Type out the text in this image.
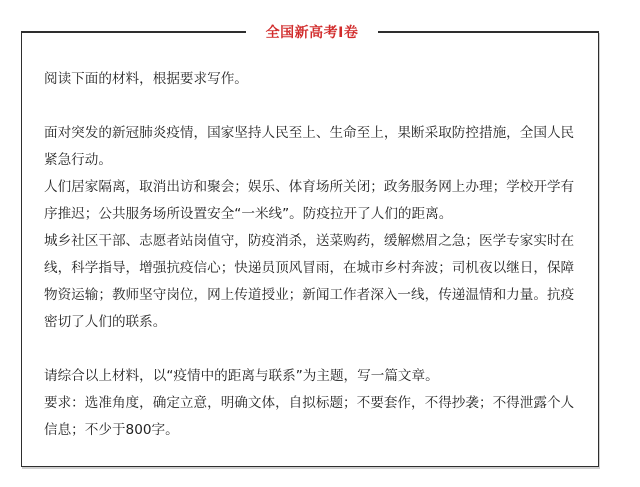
全国新高考Ⅰ卷

阅读下面的材料，根据要求写作。

面对突发的新冠肺炎疫情，国家坚持人民至上、生命至上，果断采取防控措施，全国人民紧急行动。

人们居家隔离，取消出访和聚会；娱乐、体育场所关闭；政务服务网上办理；学校开学有序推迟；公共服务场所设置安全“一米线”。防疫拉开了人们的距离。

城乡社区干部、志愿者站岗值守，防疫消杀，送菜购药，缓解燃眉之急；医学专家实时在线，科学指导，增强抗疫信心；快递员顶风冒雨，在城市乡村奔波；司机夜以继日，保障物资运输；教师坚守岗位，网上传道授业；新闻工作者深入一线，传递温情和力量。抗疫密切了人们的联系。

请综合以上材料，以“疫情中的距离与联系”为主题，写一篇文章。

要求：选准角度，确定立意，明确文体，自拟标题；不要套作，不得抄袭；不得泄露个人信息；不少于800字。
